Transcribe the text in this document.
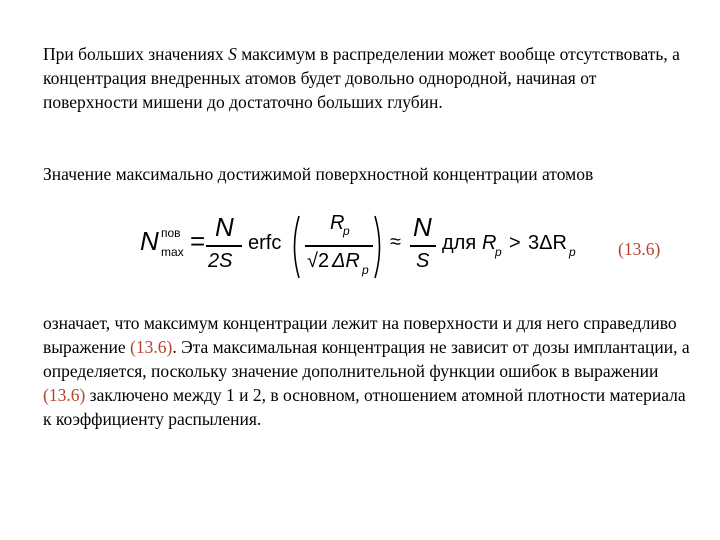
При больших значениях S максимум в распределении может вообще отсутствовать, а концентрация внедренных атомов будет довольно однородной, начиная от поверхности мишени до достаточно больших глубин.

Значение максимально достижимой поверхностной концентрации атомов

N пов
max = N
2S
erfc
R
p
√2 ΔR p
≈ N
S
для R
p > 3ΔR p (13.6)

означает, что максимум концентрации лежит на поверхности и для него справедливо выражение (13.6). Эта максимальная концентрация не зависит от дозы имплантации, а определяется, поскольку значение дополнительной функции ошибок в выражении (13.6) заключено между 1 и 2, в основном, отношением атомной плотности материала к коэффициенту распыления.
